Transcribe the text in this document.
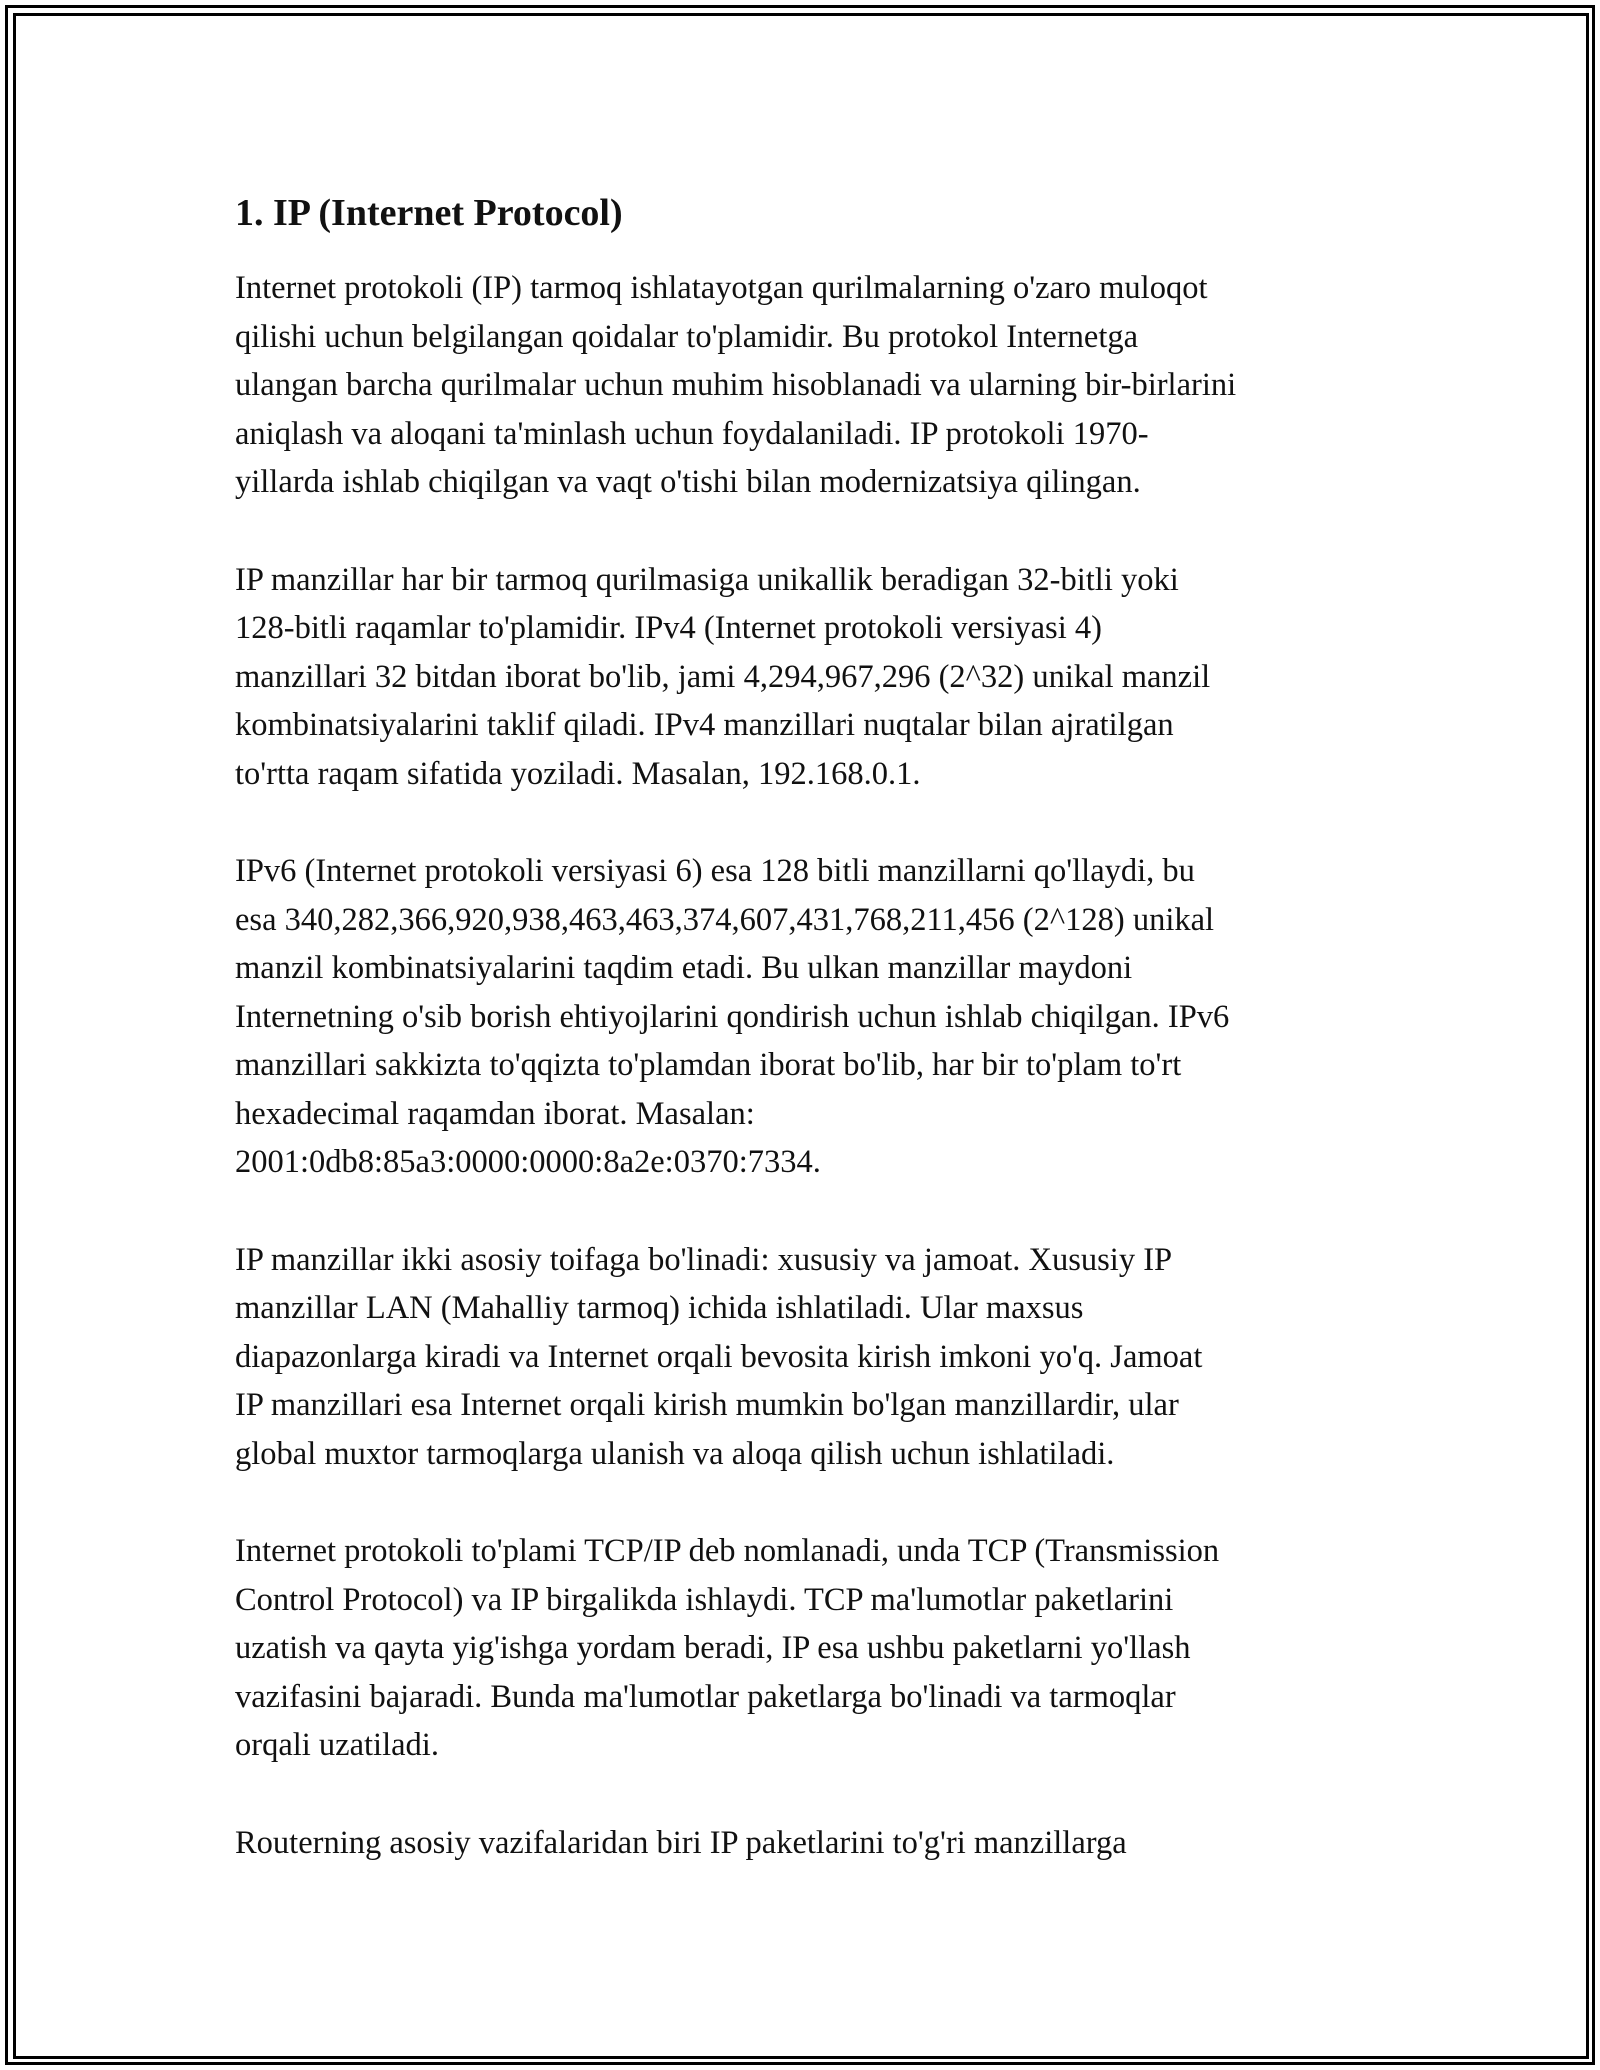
1. IP (Internet Protocol)
Internet protokoli (IP) tarmoq ishlatayotgan qurilmalarning o'zaro muloqot
qilishi uchun belgilangan qoidalar to'plamidir. Bu protokol Internetga
ulangan barcha qurilmalar uchun muhim hisoblanadi va ularning bir-birlarini
aniqlash va aloqani ta'minlash uchun foydalaniladi. IP protokoli 1970-
yillarda ishlab chiqilgan va vaqt o'tishi bilan modernizatsiya qilingan.
IP manzillar har bir tarmoq qurilmasiga unikallik beradigan 32-bitli yoki
128-bitli raqamlar to'plamidir. IPv4 (Internet protokoli versiyasi 4)
manzillari 32 bitdan iborat bo'lib, jami 4,294,967,296 (2^32) unikal manzil
kombinatsiyalarini taklif qiladi. IPv4 manzillari nuqtalar bilan ajratilgan
to'rtta raqam sifatida yoziladi. Masalan, 192.168.0.1.
IPv6 (Internet protokoli versiyasi 6) esa 128 bitli manzillarni qo'llaydi, bu
esa 340,282,366,920,938,463,463,374,607,431,768,211,456 (2^128) unikal
manzil kombinatsiyalarini taqdim etadi. Bu ulkan manzillar maydoni
Internetning o'sib borish ehtiyojlarini qondirish uchun ishlab chiqilgan. IPv6
manzillari sakkizta to'qqizta to'plamdan iborat bo'lib, har bir to'plam to'rt
hexadecimal raqamdan iborat. Masalan:
2001:0db8:85a3:0000:0000:8a2e:0370:7334.
IP manzillar ikki asosiy toifaga bo'linadi: xususiy va jamoat. Xususiy IP
manzillar LAN (Mahalliy tarmoq) ichida ishlatiladi. Ular maxsus
diapazonlarga kiradi va Internet orqali bevosita kirish imkoni yo'q. Jamoat
IP manzillari esa Internet orqali kirish mumkin bo'lgan manzillardir, ular
global muxtor tarmoqlarga ulanish va aloqa qilish uchun ishlatiladi.
Internet protokoli to'plami TCP/IP deb nomlanadi, unda TCP (Transmission
Control Protocol) va IP birgalikda ishlaydi. TCP ma'lumotlar paketlarini
uzatish va qayta yig'ishga yordam beradi, IP esa ushbu paketlarni yo'llash
vazifasini bajaradi. Bunda ma'lumotlar paketlarga bo'linadi va tarmoqlar
orqali uzatiladi.
Routerning asosiy vazifalaridan biri IP paketlarini to'g'ri manzillarga
